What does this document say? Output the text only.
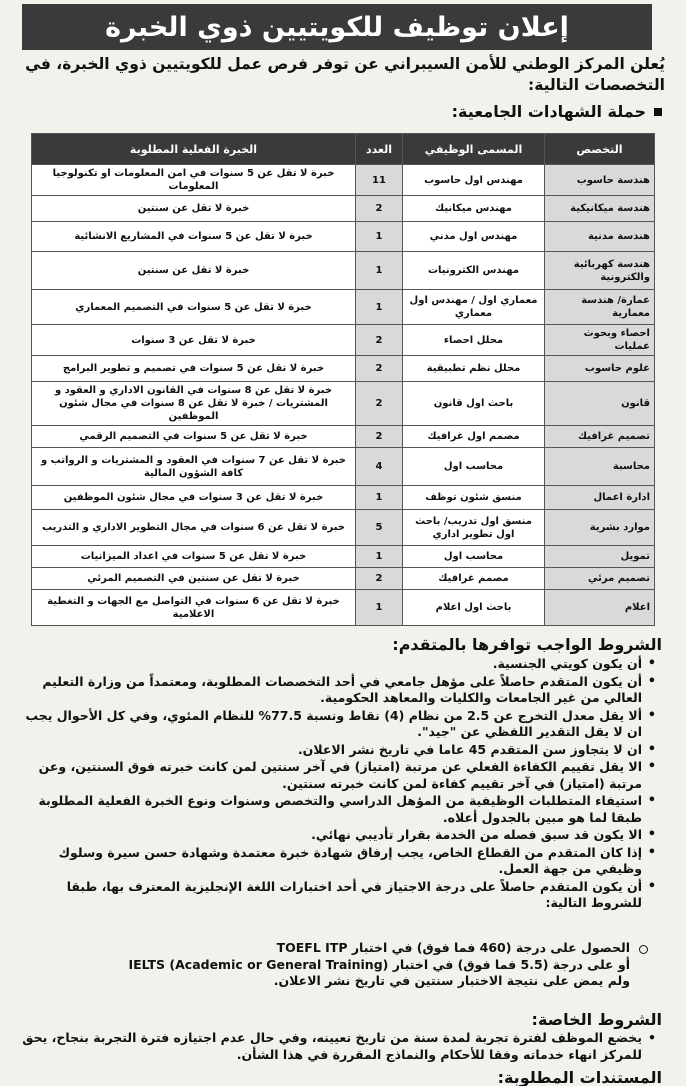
إعلان توظيف للكويتيين ذوي الخبرة
يُعلن المركز الوطني للأمن السيبراني عن توفر فرص عمل للكويتيين ذوي الخبرة، في التخصصات التالية:
حملة الشهادات الجامعية:
التخصص	المسمى الوظيفي	العدد	الخبرة الفعلية المطلوبة
هندسة حاسوب	مهندس اول حاسوب	11	خبرة لا تقل عن 5 سنوات في امن المعلومات او تكنولوجيا المعلومات
هندسة ميكانيكية	مهندس ميكانيك	2	خبرة لا تقل عن سنتين
هندسة مدنية	مهندس اول مدني	1	خبرة لا تقل عن 5 سنوات في المشاريع الانشائية
هندسة كهربائية والكترونية	مهندس الكترونيات	1	خبرة لا تقل عن سنتين
عمارة/ هندسة معمارية	معماري اول / مهندس اول معماري	1	خبرة لا تقل عن 5 سنوات في التصميم المعماري
احصاء وبحوث عمليات	محلل احصاء	2	خبرة لا تقل عن 3 سنوات
علوم حاسوب	محلل نظم تطبيقية	2	خبرة لا تقل عن 5 سنوات في تصميم و تطوير البرامج
قانون	باحث اول قانون	2	خبرة لا تقل عن 8 سنوات في القانون الاداري و العقود و المشتريات / خبرة لا تقل عن 8 سنوات في مجال شئون الموظفين
تصميم غرافيك	مصمم اول غرافيك	2	خبرة لا تقل عن 5 سنوات في التصميم الرقمي
محاسبة	محاسب اول	4	خبرة لا تقل عن 7 سنوات في العقود و المشتريات و الرواتب و كافة الشؤون المالية
ادارة اعمال	منسق شئون توظف	1	خبرة لا تقل عن 3 سنوات في مجال شئون الموظفين
موارد بشرية	منسق اول تدريب/ باحث اول تطوير اداري	5	خبرة لا تقل عن 6 سنوات في مجال التطوير الاداري و التدريب
تمويل	محاسب اول	1	خبرة لا تقل عن 5 سنوات في اعداد الميزانيات
تصميم مرئي	مصمم غرافيك	2	خبرة لا تقل عن سنتين في التصميم المرئي
اعلام	باحث اول اعلام	1	خبرة لا تقل عن 6 سنوات في التواصل مع الجهات و التغطية الاعلامية
الشروط الواجب توافرها بالمتقدم:
• أن يكون كويتي الجنسية.
• أن يكون المتقدم حاصلاً على مؤهل جامعي في أحد التخصصات المطلوبة، ومعتمداً من وزارة التعليم العالي من غير الجامعات والكليات والمعاهد الحكومية.
• ألا يقل معدل التخرج عن 2.5 من نظام (4) نقاط ونسبة 77.5% للنظام المئوي، وفي كل الأحوال يجب ان لا يقل التقدير اللفظي عن "جيد".
• ان لا يتجاوز سن المتقدم 45 عاما في تاريخ نشر الاعلان.
• الا يقل تقييم الكفاءة الفعلي عن مرتبة (امتياز) في آخر سنتين لمن كانت خبرته فوق السنتين، وعن مرتبة (امتياز) في آخر تقييم كفاءة لمن كانت خبرته سنتين.
• استيفاء المتطلبات الوظيفية من المؤهل الدراسي والتخصص وسنوات ونوع الخبرة الفعلية المطلوبة طبقا لما هو مبين بالجدول أعلاه.
• الا يكون قد سبق فصله من الخدمة بقرار تأديبي نهائي.
• إذا كان المتقدم من القطاع الخاص، يجب إرفاق شهادة خبرة معتمدة وشهادة حسن سيرة وسلوك وظيفي من جهة العمل.
• أن يكون المتقدم حاصلاً على درجة الاجتياز في أحد اختبارات اللغة الإنجليزية المعترف بها، طبقا للشروط التالية:
الحصول على درجة (460 فما فوق) في اختبار TOEFL ITP
أو على درجة (5.5 فما فوق) في اختبار IELTS (Academic or General Training)
ولم يمض على نتيجة الاختبار سنتين في تاريخ نشر الاعلان.
الشروط الخاصة:
• يخضع الموظف لفترة تجربة لمدة سنة من تاريخ تعيينه، وفي حال عدم اجتيازه فترة التجربة بنجاح، يحق للمركز انهاء خدماته وفقا للأحكام والنماذج المقررة في هذا الشأن.
المستندات المطلوبة:
